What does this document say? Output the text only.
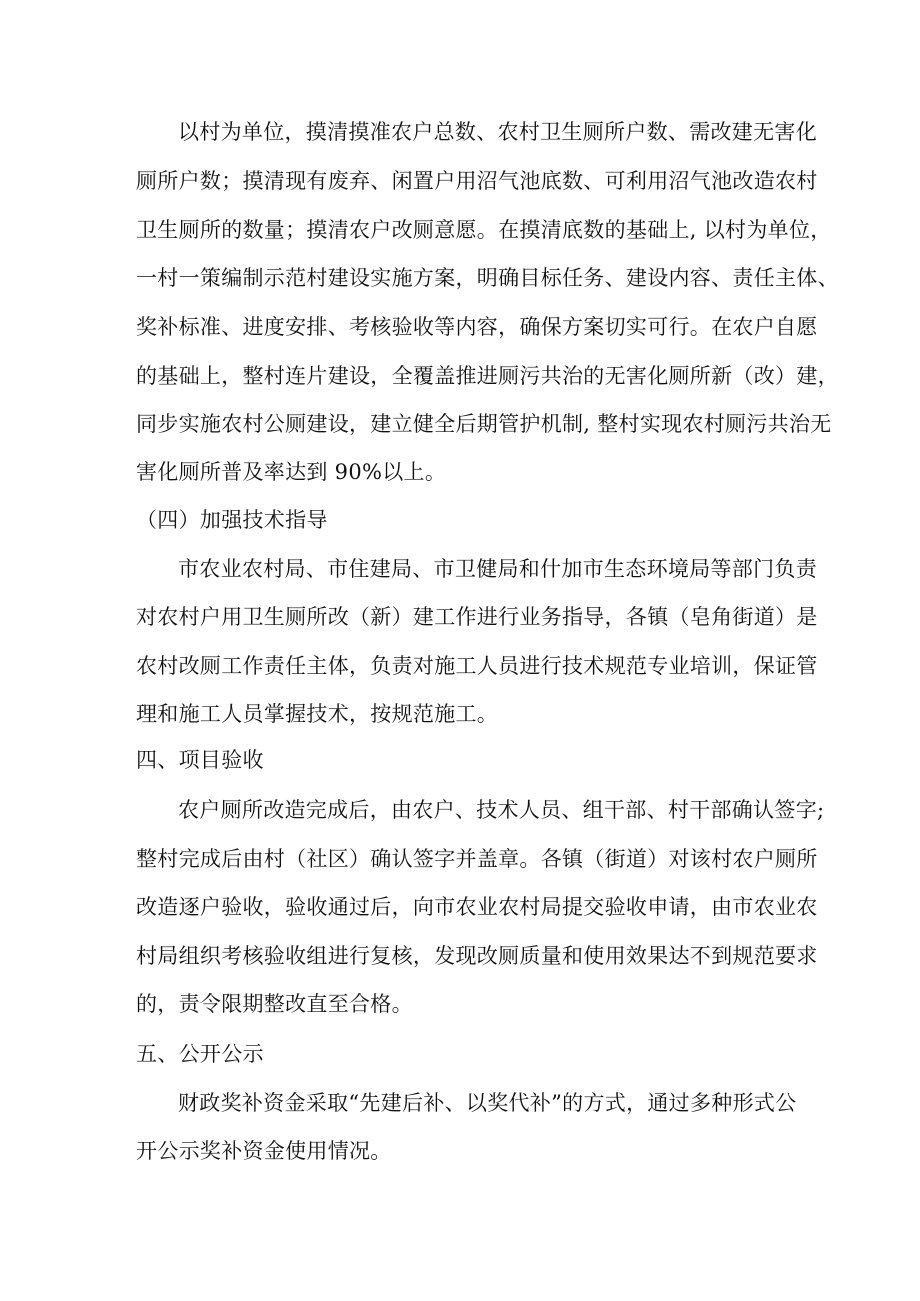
以村为单位，摸清摸准农户总数、农村卫生厕所户数、需改建无害化
厕所户数；摸清现有废弃、闲置户用沼气池底数、可利用沼气池改造农村
卫生厕所的数量；摸清农户改厕意愿。在摸清底数的基础上, 以村为单位，
一村一策编制示范村建设实施方案，明确目标任务、建设内容、责任主体、
奖补标准、进度安排、考核验收等内容，确保方案切实可行。在农户自愿
的基础上，整村连片建设，全覆盖推进厕污共治的无害化厕所新（改）建，
同步实施农村公厕建设，建立健全后期管护机制, 整村实现农村厕污共治无
害化厕所普及率达到 90%以上。
（四）加强技术指导
市农业农村局、市住建局、市卫健局和什加市生态环境局等部门负责
对农村户用卫生厕所改（新）建工作进行业务指导，各镇（皂角街道）是
农村改厕工作责任主体，负责对施工人员进行技术规范专业培训，保证管
理和施工人员掌握技术，按规范施工。
四、项目验收
农户厕所改造完成后，由农户、技术人员、组干部、村干部确认签字;
整村完成后由村（社区）确认签字并盖章。各镇（街道）对该村农户厕所
改造逐户验收，验收通过后，向市农业农村局提交验收申请，由市农业农
村局组织考核验收组进行复核，发现改厕质量和使用效果达不到规范要求
的，责令限期整改直至合格。
五、公开公示
财政奖补资金采取“先建后补、以奖代补”的方式，通过多种形式公
开公示奖补资金使用情况。
